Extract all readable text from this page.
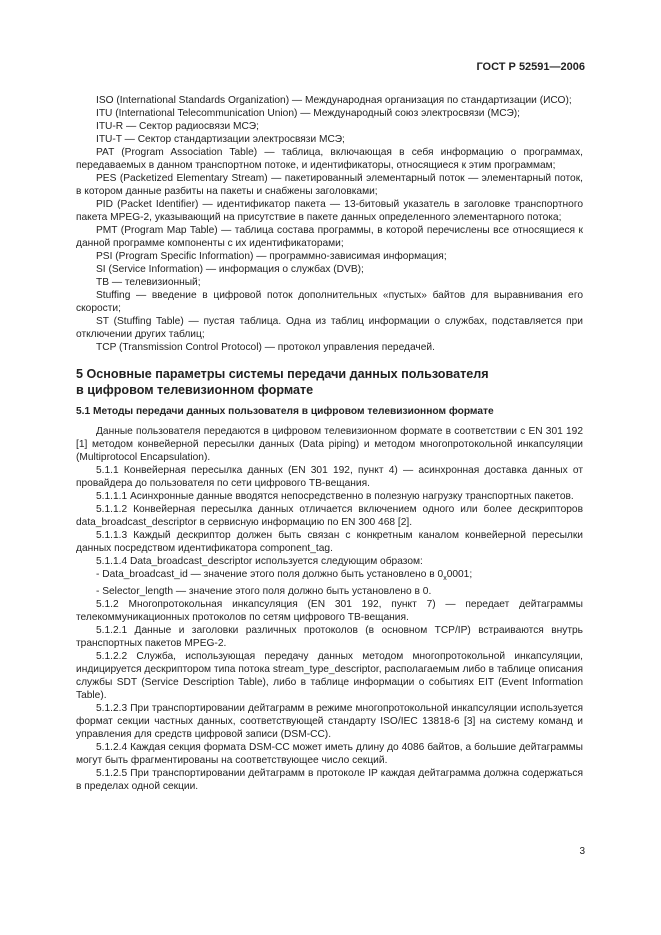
ГОСТ Р 52591—2006

ISO (International Standards Organization) — Международная организация по стандартизации (ИСО);

ITU (International Telecommunication Union) — Международный союз электросвязи (МСЭ);

ITU-R — Сектор радиосвязи МСЭ;

ITU-T — Сектор стандартизации электросвязи МСЭ;

PAT (Program Association Table) — таблица, включающая в себя информацию о программах, передаваемых в данном транспортном потоке, и идентификаторы, относящиеся к этим программам;

PES (Packetized Elementary Stream) — пакетированный элементарный поток — элементарный поток, в котором данные разбиты на пакеты и снабжены заголовками;

PID (Packet Identifier) — идентификатор пакета — 13-битовый указатель в заголовке транспортного пакета MPEG-2, указывающий на присутствие в пакете данных определенного элементарного потока;

PMT (Program Map Table) — таблица состава программы, в которой перечислены все относящиеся к данной программе компоненты с их идентификаторами;

PSI (Program Specific Information) — программно-зависимая информация;

SI (Service Information) — информация о службах (DVB);

ТВ — телевизионный;

Stuffing — введение в цифровой поток дополнительных «пустых» байтов для выравнивания его скорости;

ST (Stuffing Table) — пустая таблица. Одна из таблиц информации о службах, подставляется при отключении других таблиц;

TCP (Transmission Control Protocol) — протокол управления передачей.

5 Основные параметры системы передачи данных пользователя
в цифровом телевизионном формате
5.1 Методы передачи данных пользователя в цифровом телевизионном формате

Данные пользователя передаются в цифровом телевизионном формате в соответствии с EN 301 192 [1] методом конвейерной пересылки данных (Data piping) и методом многопротокольной инкапсуляции (Multiprotocol Encapsulation).

5.1.1 Конвейерная пересылка данных (EN 301 192, пункт 4) — асинхронная доставка данных от провайдера до пользователя по сети цифрового ТВ-вещания.

5.1.1.1 Асинхронные данные вводятся непосредственно в полезную нагрузку транспортных пакетов.

5.1.1.2 Конвейерная пересылка данных отличается включением одного или более дескрипторов data_broadcast_descriptor в сервисную информацию по EN 300 468 [2].

5.1.1.3 Каждый дескриптор должен быть связан с конкретным каналом конвейерной пересылки данных посредством идентификатора component_tag.

5.1.1.4 Data_broadcast_descriptor используется следующим образом:

- Data_broadcast_id — значение этого поля должно быть установлено в $0_x0001$;

- Selector_length — значение этого поля должно быть установлено в 0.

5.1.2 Многопротокольная инкапсуляция (EN 301 192, пункт 7) — передает дейтаграммы телекоммуникационных протоколов по сетям цифрового ТВ-вещания.

5.1.2.1 Данные и заголовки различных протоколов (в основном TCP/IP) встраиваются внутрь транспортных пакетов MPEG-2.

5.1.2.2 Служба, использующая передачу данных методом многопротокольной инкапсуляции, индицируется дескриптором типа потока stream_type_descriptor, располагаемым либо в таблице описания службы SDT (Service Description Table), либо в таблице информации о событиях EIT (Event Information Table).

5.1.2.3 При транспортировании дейтаграмм в режиме многопротокольной инкапсуляции используется формат секции частных данных, соответствующей стандарту ISO/IEC 13818-6 [3] на систему команд и управления для средств цифровой записи (DSM-CC).

5.1.2.4 Каждая секция формата DSM-CC может иметь длину до 4086 байтов, а большие дейтаграммы могут быть фрагментированы на соответствующее число секций.

5.1.2.5 При транспортировании дейтаграмм в протоколе IP каждая дейтаграмма должна содержаться в пределах одной секции.

3
